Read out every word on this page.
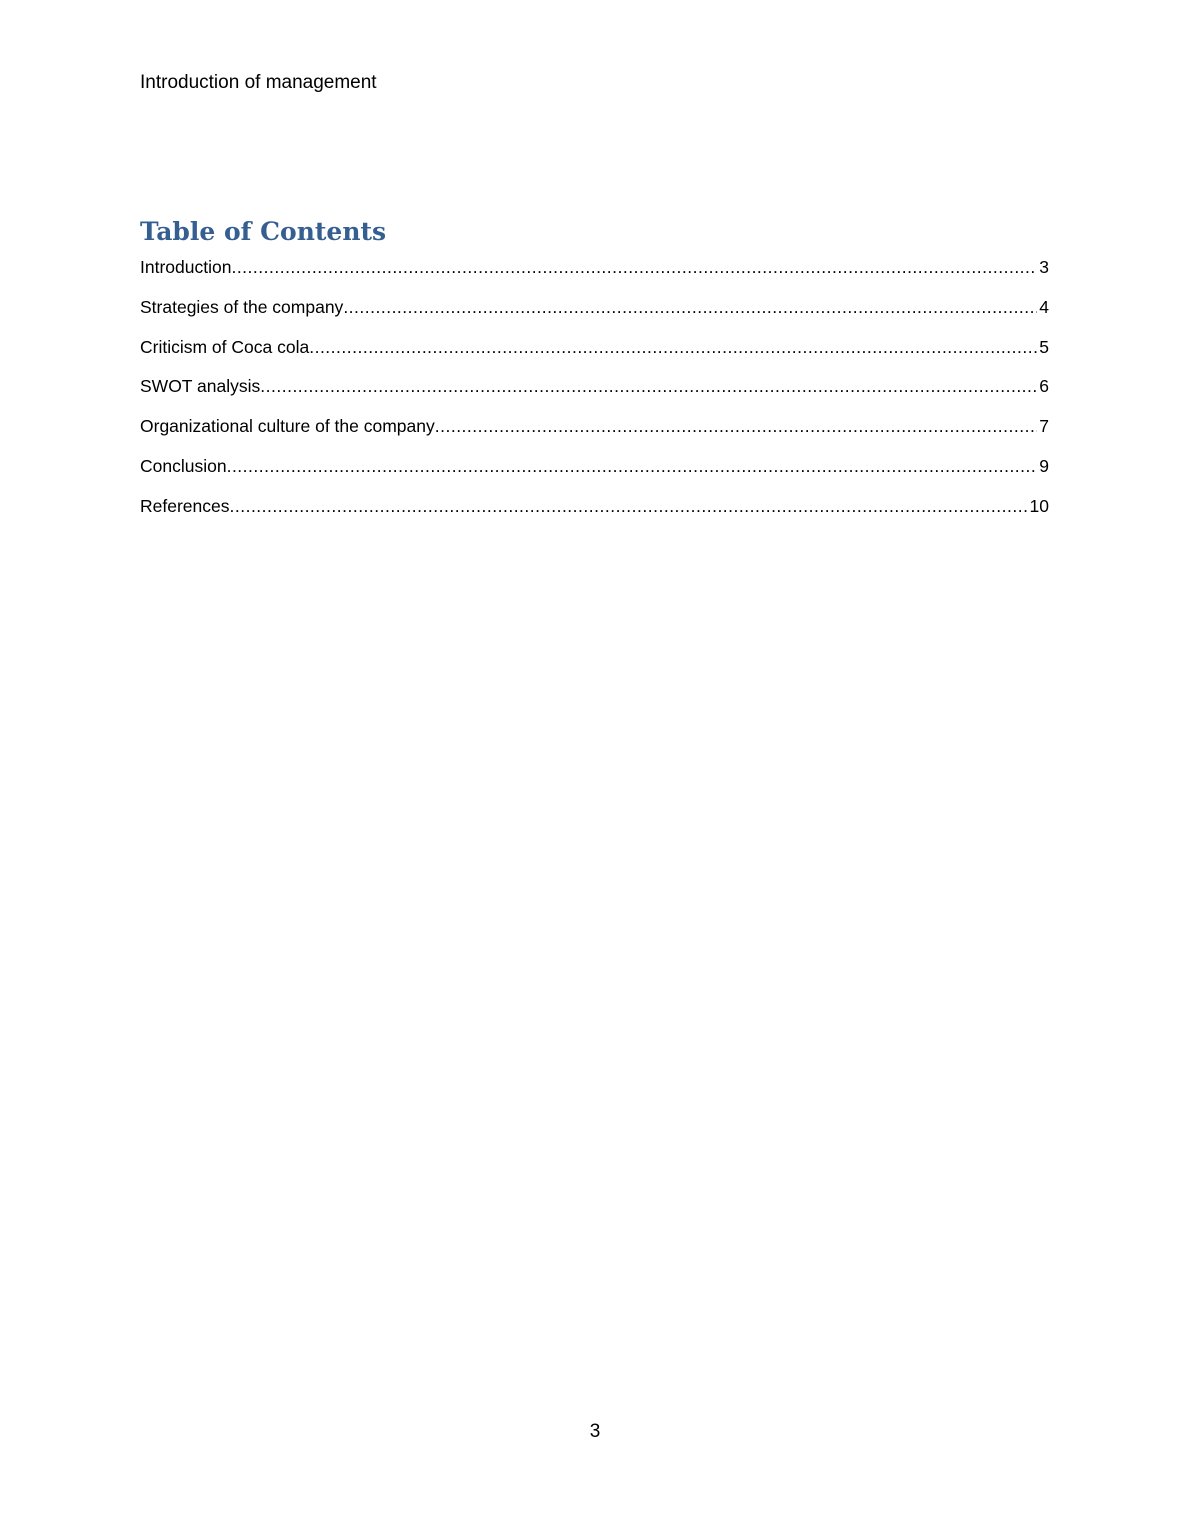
Introduction of management
Table of Contents
Introduction .....	3
Strategies of the company .....	4
Criticism of Coca cola .....	5
SWOT analysis .....	6
Organizational culture of the company .....	7
Conclusion .....	9
References .....	10
3
